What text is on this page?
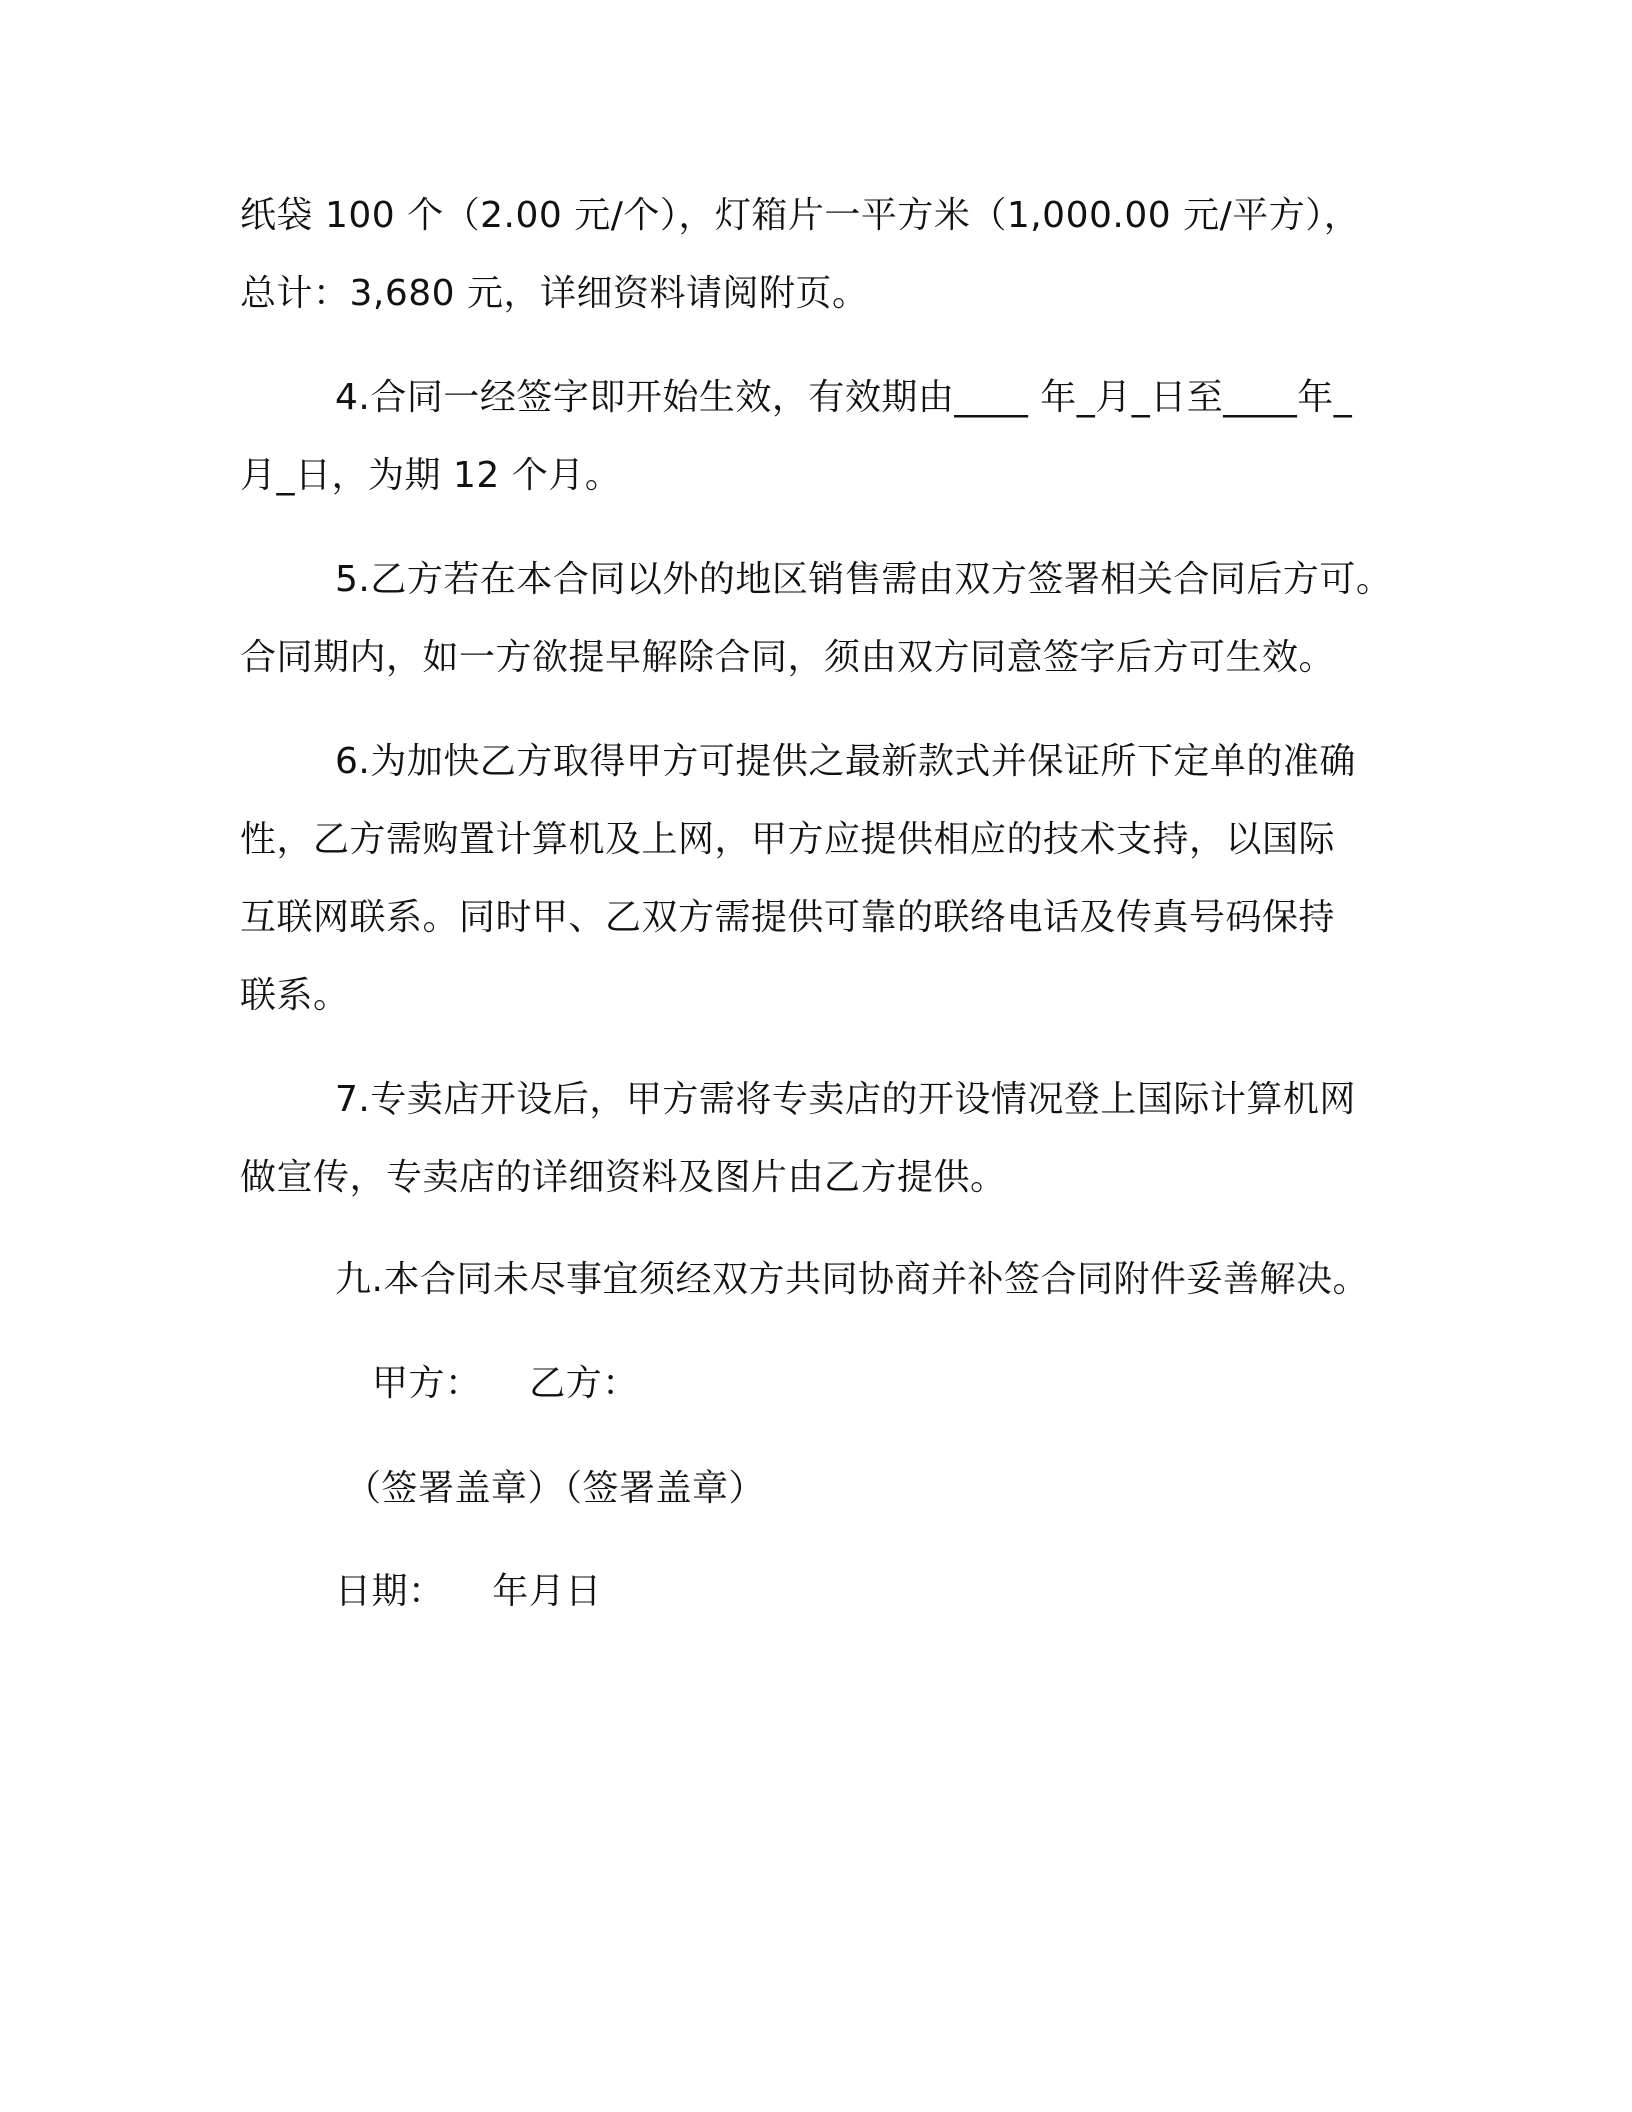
纸袋 100 个（2.00 元/个），灯箱片一平方米（1,000.00 元/平方），
总计：3,680 元，详细资料请阅附页。
4.合同一经签字即开始生效，有效期由____ 年_月_日至____年_
月_日，为期 12 个月。
5.乙方若在本合同以外的地区销售需由双方签署相关合同后方可。
合同期内，如一方欲提早解除合同，须由双方同意签字后方可生效。
6.为加快乙方取得甲方可提供之最新款式并保证所下定单的准确
性，乙方需购置计算机及上网，甲方应提供相应的技术支持，以国际
互联网联系。同时甲、乙双方需提供可靠的联络电话及传真号码保持
联系。
7.专卖店开设后，甲方需将专卖店的开设情况登上国际计算机网
做宣传，专卖店的详细资料及图片由乙方提供。
九.本合同未尽事宜须经双方共同协商并补签合同附件妥善解决。
甲方：    乙方：
（签署盖章）（签署盖章）
日期：    年月日
